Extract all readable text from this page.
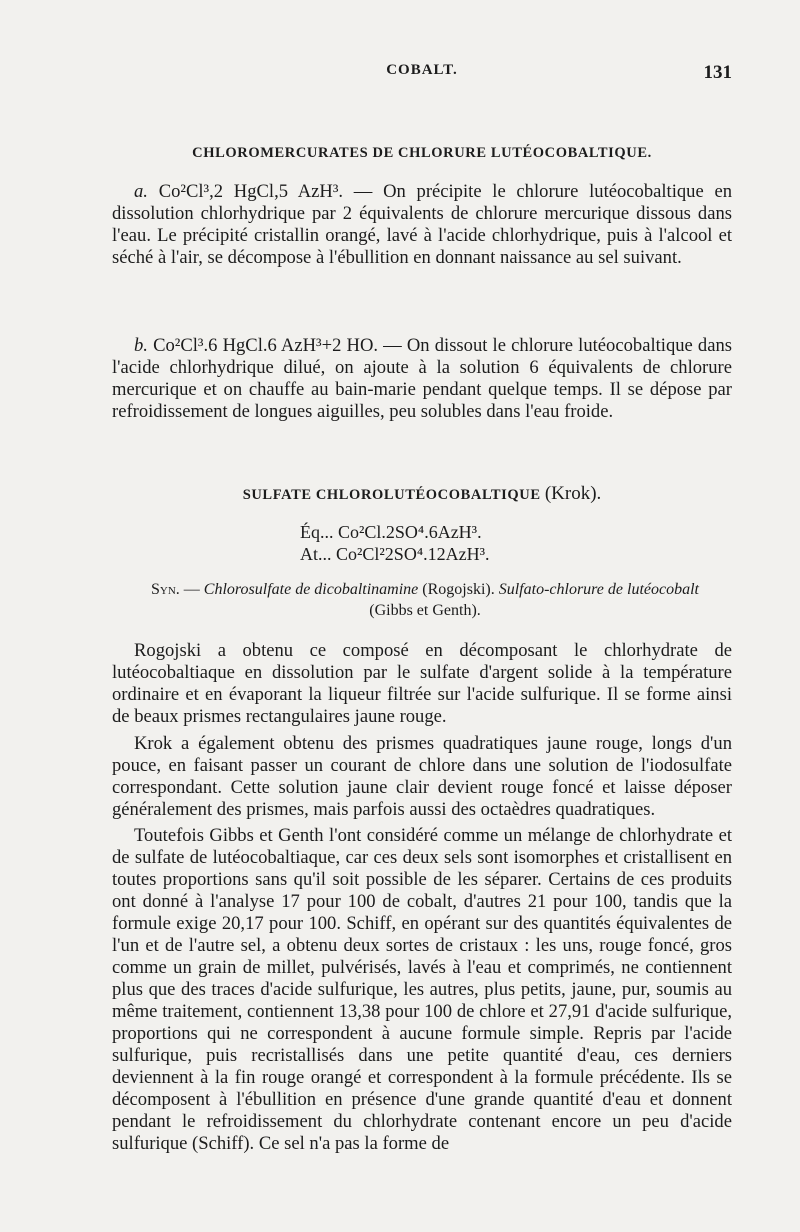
COBALT.	131
CHLOROMERCURATES DE CHLORURE LUTÉOCOBALTIQUE.

a. Co²Cl³,2 HgCl,5 AzH³. — On précipite le chlorure lutéocobaltique en dissolution chlorhydrique par 2 équivalents de chlorure mercurique dissous dans l'eau. Le précipité cristallin orangé, lavé à l'acide chlorhydrique, puis à l'alcool et séché à l'air, se décompose à l'ébullition en donnant naissance au sel suivant.

b. Co²Cl³.6 HgCl.6 AzH³+2 HO. — On dissout le chlorure lutéocobaltique dans l'acide chlorhydrique dilué, on ajoute à la solution 6 équivalents de chlorure mercurique et on chauffe au bain-marie pendant quelque temps. Il se dépose par refroidissement de longues aiguilles, peu solubles dans l'eau froide.

SULFATE CHLOROLUTÉOCOBALTIQUE (Krok).
Éq... Co²Cl.2SO⁴.6AzH³.
At... Co²Cl²2SO⁴.12AzH³.
Syn. — Chlorosulfate de dicobaltinamine (Rogojski). Sulfato-chlorure de lutéocobalt
(Gibbs et Genth).

Rogojski a obtenu ce composé en décomposant le chlorhydrate de lutéocobaltiaque en dissolution par le sulfate d'argent solide à la température ordinaire et en évaporant la liqueur filtrée sur l'acide sulfurique. Il se forme ainsi de beaux prismes rectangulaires jaune rouge.

Krok a également obtenu des prismes quadratiques jaune rouge, longs d'un pouce, en faisant passer un courant de chlore dans une solution de l'iodosulfate correspondant. Cette solution jaune clair devient rouge foncé et laisse déposer généralement des prismes, mais parfois aussi des octaèdres quadratiques.

Toutefois Gibbs et Genth l'ont considéré comme un mélange de chlorhydrate et de sulfate de lutéocobaltiaque, car ces deux sels sont isomorphes et cristallisent en toutes proportions sans qu'il soit possible de les séparer. Certains de ces produits ont donné à l'analyse 17 pour 100 de cobalt, d'autres 21 pour 100, tandis que la formule exige 20,17 pour 100. Schiff, en opérant sur des quantités équivalentes de l'un et de l'autre sel, a obtenu deux sortes de cristaux : les uns, rouge foncé, gros comme un grain de millet, pulvérisés, lavés à l'eau et comprimés, ne contiennent plus que des traces d'acide sulfurique, les autres, plus petits, jaune, pur, soumis au même traitement, contiennent 13,38 pour 100 de chlore et 27,91 d'acide sulfurique, proportions qui ne correspondent à aucune formule simple. Repris par l'acide sulfurique, puis recristallisés dans une petite quantité d'eau, ces derniers deviennent à la fin rouge orangé et correspondent à la formule précédente. Ils se décomposent à l'ébullition en présence d'une grande quantité d'eau et donnent pendant le refroidissement du chlorhydrate contenant encore un peu d'acide sulfurique (Schiff). Ce sel n'a pas la forme de
